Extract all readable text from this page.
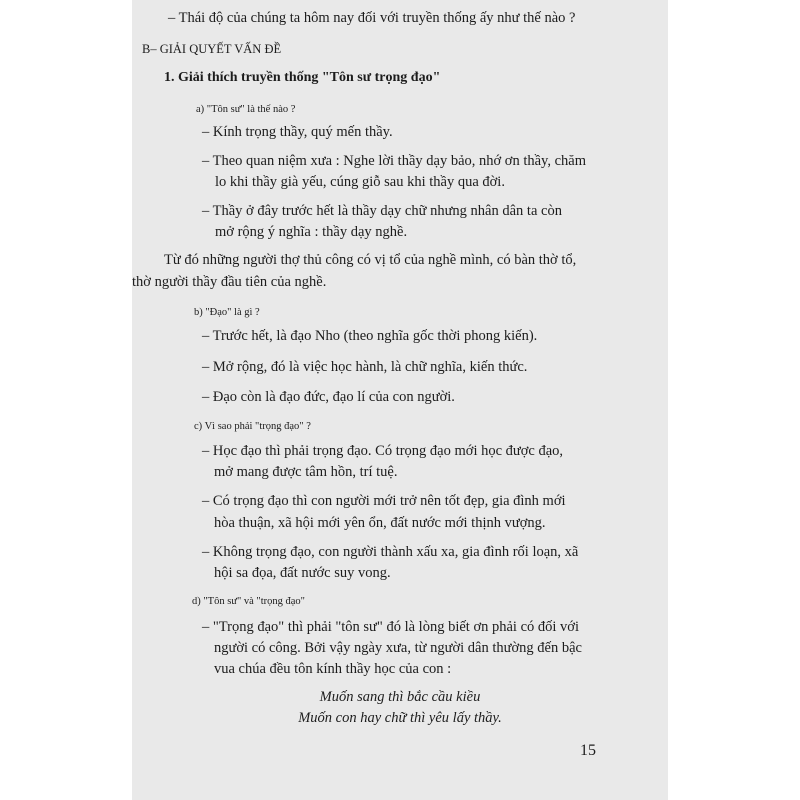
– Thái độ của chúng ta hôm nay đối với truyền thống ấy như thế nào ?
B– GIẢI QUYẾT VẤN ĐỀ
1. Giải thích truyền thống "Tôn sư trọng đạo"
a) "Tôn sư" là thế nào ?
– Kính trọng thầy, quý mến thầy.
– Theo quan niệm xưa : Nghe lời thầy dạy bảo, nhớ ơn thầy, chăm
lo khi thầy già yếu, cúng giỗ sau khi thầy qua đời.
– Thầy ở đây trước hết là thầy dạy chữ nhưng nhân dân ta còn
mở rộng ý nghĩa : thầy dạy nghề.
Từ đó những người thợ thủ công có vị tổ của nghề mình, có bàn thờ tổ,
thờ người thầy đầu tiên của nghề.
b) "Đạo" là gì ?
– Trước hết, là đạo Nho (theo nghĩa gốc thời phong kiến).
– Mở rộng, đó là việc học hành, là chữ nghĩa, kiến thức.
– Đạo còn là đạo đức, đạo lí của con người.
c) Vì sao phải "trọng đạo" ?
– Học đạo thì phải trọng đạo. Có trọng đạo mới học được đạo,
mở mang được tâm hồn, trí tuệ.
– Có trọng đạo thì con người mới trở nên tốt đẹp, gia đình mới
hòa thuận, xã hội mới yên ổn, đất nước mới thịnh vượng.
– Không trọng đạo, con người thành xấu xa, gia đình rối loạn, xã
hội sa đọa, đất nước suy vong.
d) "Tôn sư" và "trọng đạo"
– "Trọng đạo" thì phải "tôn sư" đó là lòng biết ơn phải có đối với
người có công. Bởi vậy ngày xưa, từ người dân thường đến bậc
vua chúa đều tôn kính thầy học của con :
Muốn sang thì bắc cầu kiều
Muốn con hay chữ thì yêu lấy thầy.
15
